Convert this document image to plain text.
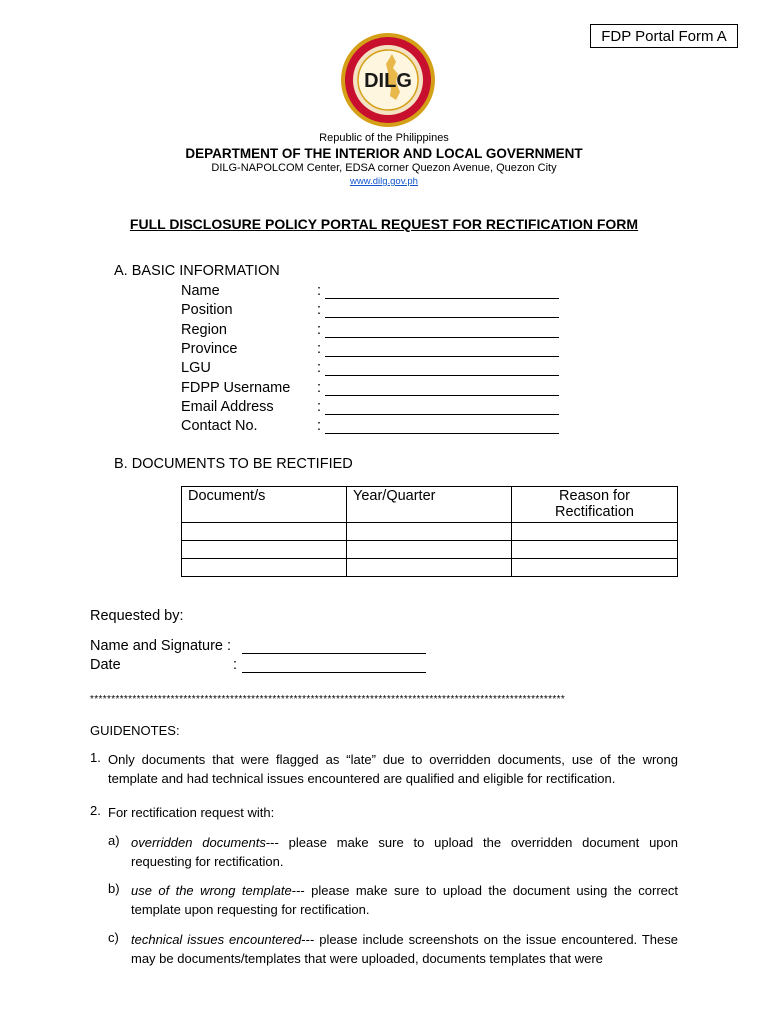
FDP Portal Form A
DILG
Republic of the Philippines
DEPARTMENT OF THE INTERIOR AND LOCAL GOVERNMENT
DILG-NAPOLCOM Center, EDSA corner Quezon Avenue, Quezon City
www.dilg.gov.ph
FULL DISCLOSURE POLICY PORTAL REQUEST FOR RECTIFICATION FORM
A. BASIC INFORMATION
Name	:
Position	:
Region	:
Province	:
LGU	:
FDPP Username :
Email Address	:
Contact No.	:
B. DOCUMENTS TO BE RECTIFIED
Document/s	Year/Quarter	Reason for Rectification

Requested by:
Name and Signature :
Date	:
****************************************************************************************************************
GUIDENOTES:
1. Only documents that were flagged as “late” due to overridden documents, use of the wrong template and had technical issues encountered are qualified and eligible for rectification.
2. For rectification request with:
a) overridden documents--- please make sure to upload the overridden document upon requesting for rectification.
b) use of the wrong template--- please make sure to upload the document using the correct template upon requesting for rectification.
c) technical issues encountered--- please include screenshots on the issue encountered. These may be documents/templates that were uploaded, documents templates that were
